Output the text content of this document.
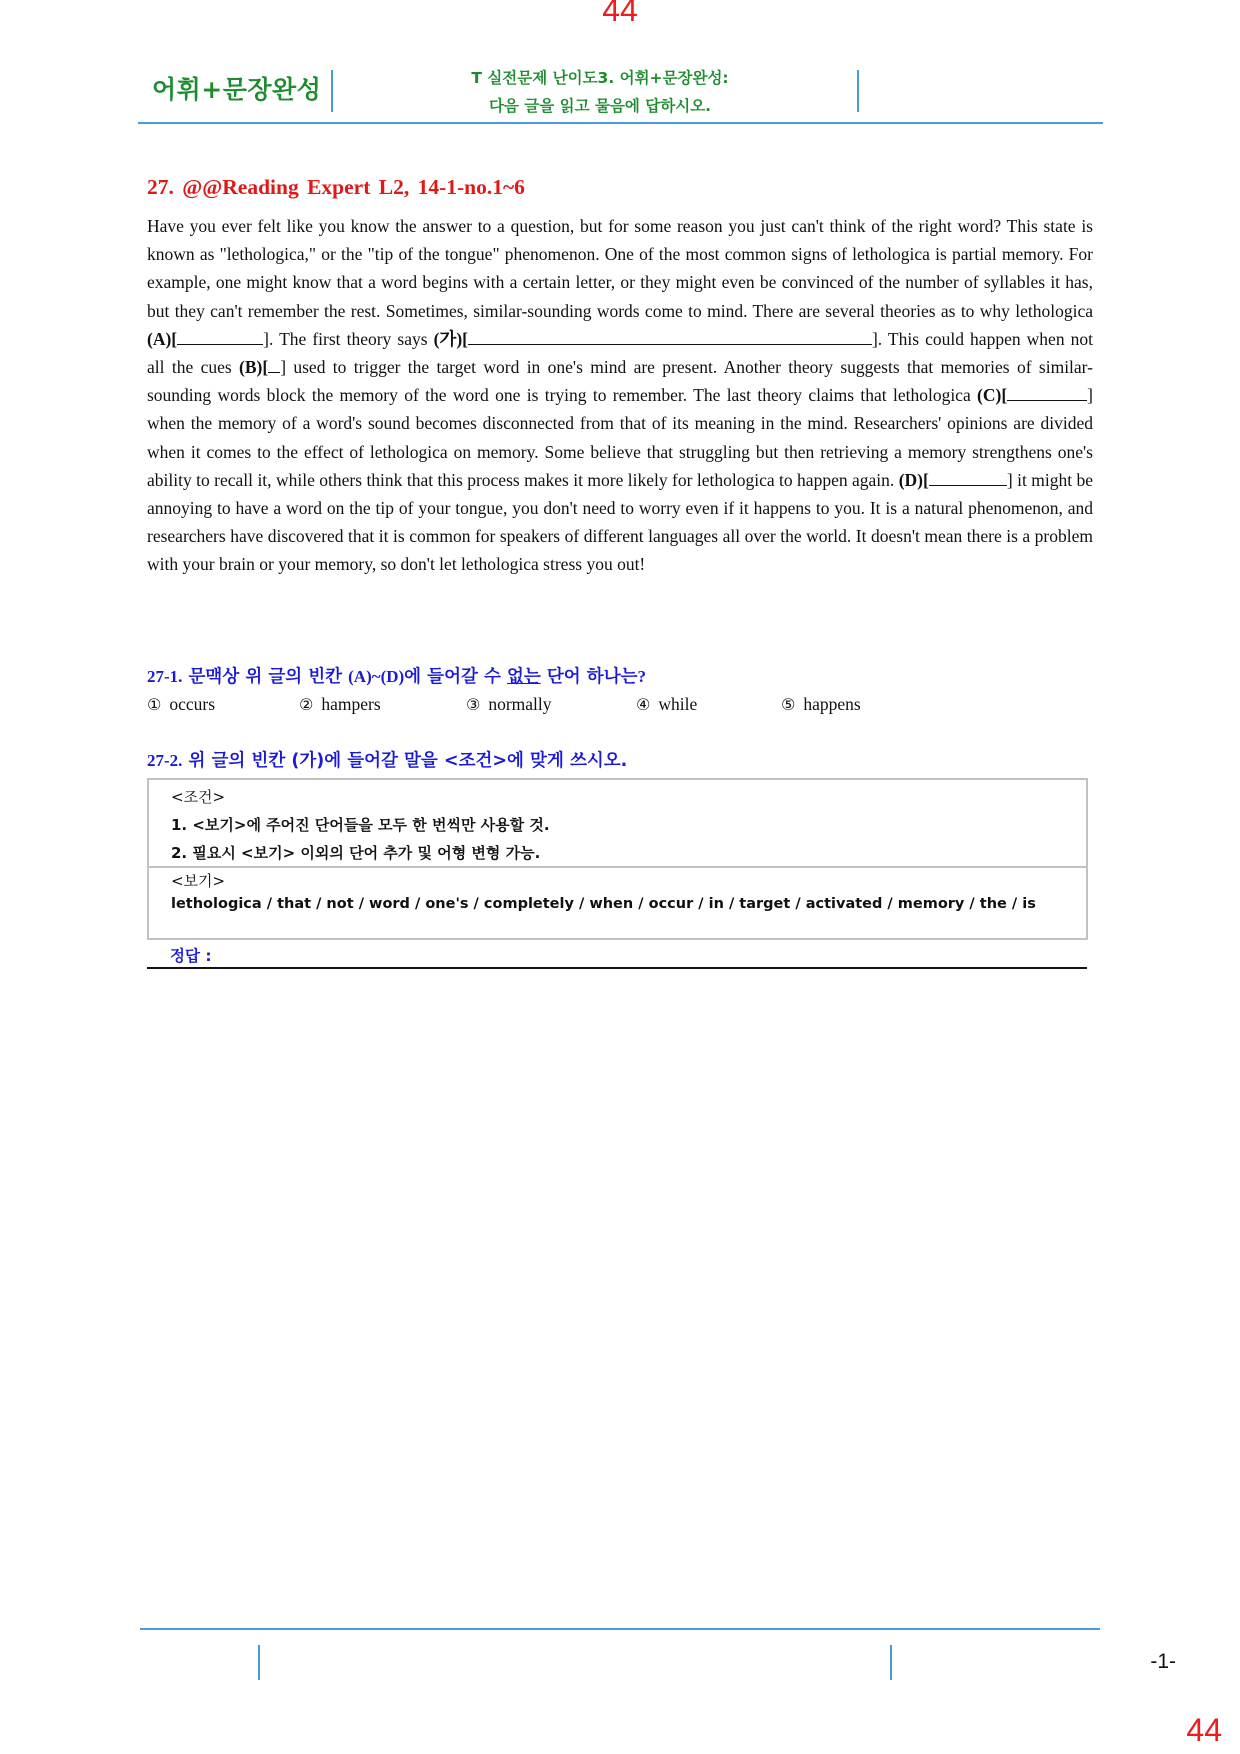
44
어휘+문장완성	T 실전문제 난이도3. 어휘+문장완성:
다음 글을 읽고 물음에 답하시오.
27. @@Reading Expert L2, 14-1-no.1~6
Have you ever felt like you know the answer to a question, but for some reason you just can't think of the right word? This state is known as "lethologica," or the "tip of the tongue" phenomenon. One of the most common signs of lethologica is partial memory. For example, one might know that a word begins with a certain letter, or they might even be convinced of the number of syllables it has, but they can't remember the rest. Sometimes, similar-sounding words come to mind. There are several theories as to why lethologica (A)[	]. The first theory says (가)[	]. This could happen when not all the cues (B)[ ] used to trigger the target word in one's mind are present. Another theory suggests that memories of similar-sounding words block the memory of the word one is trying to remember. The last theory claims that lethologica (C)[	] when the memory of a word's sound becomes disconnected from that of its meaning in the mind. Researchers' opinions are divided when it comes to the effect of lethologica on memory. Some believe that struggling but then retrieving a memory strengthens one's ability to recall it, while others think that this process makes it more likely for lethologica to happen again. (D)[	] it might be annoying to have a word on the tip of your tongue, you don't need to worry even if it happens to you. It is a natural phenomenon, and researchers have discovered that it is common for speakers of different languages all over the world. It doesn't mean there is a problem with your brain or your memory, so don't let lethologica stress you out!
27-1. 문맥상 위 글의 빈칸 (A)~(D)에 들어갈 수 없는 단어 하나는?
① occurs	② hampers	③ normally	④ while	⑤ happens
27-2. 위 글의 빈칸 (가)에 들어갈 말을 <조건>에 맞게 쓰시오.
<조건>
1. <보기>에 주어진 단어들을 모두 한 번씩만 사용할 것.
2. 필요시 <보기> 이외의 단어 추가 및 어형 변형 가능.
<보기>
lethologica / that / not / word / one's / completely / when / occur / in / target / activated / memory / the / is
정답 :
-1-
44
